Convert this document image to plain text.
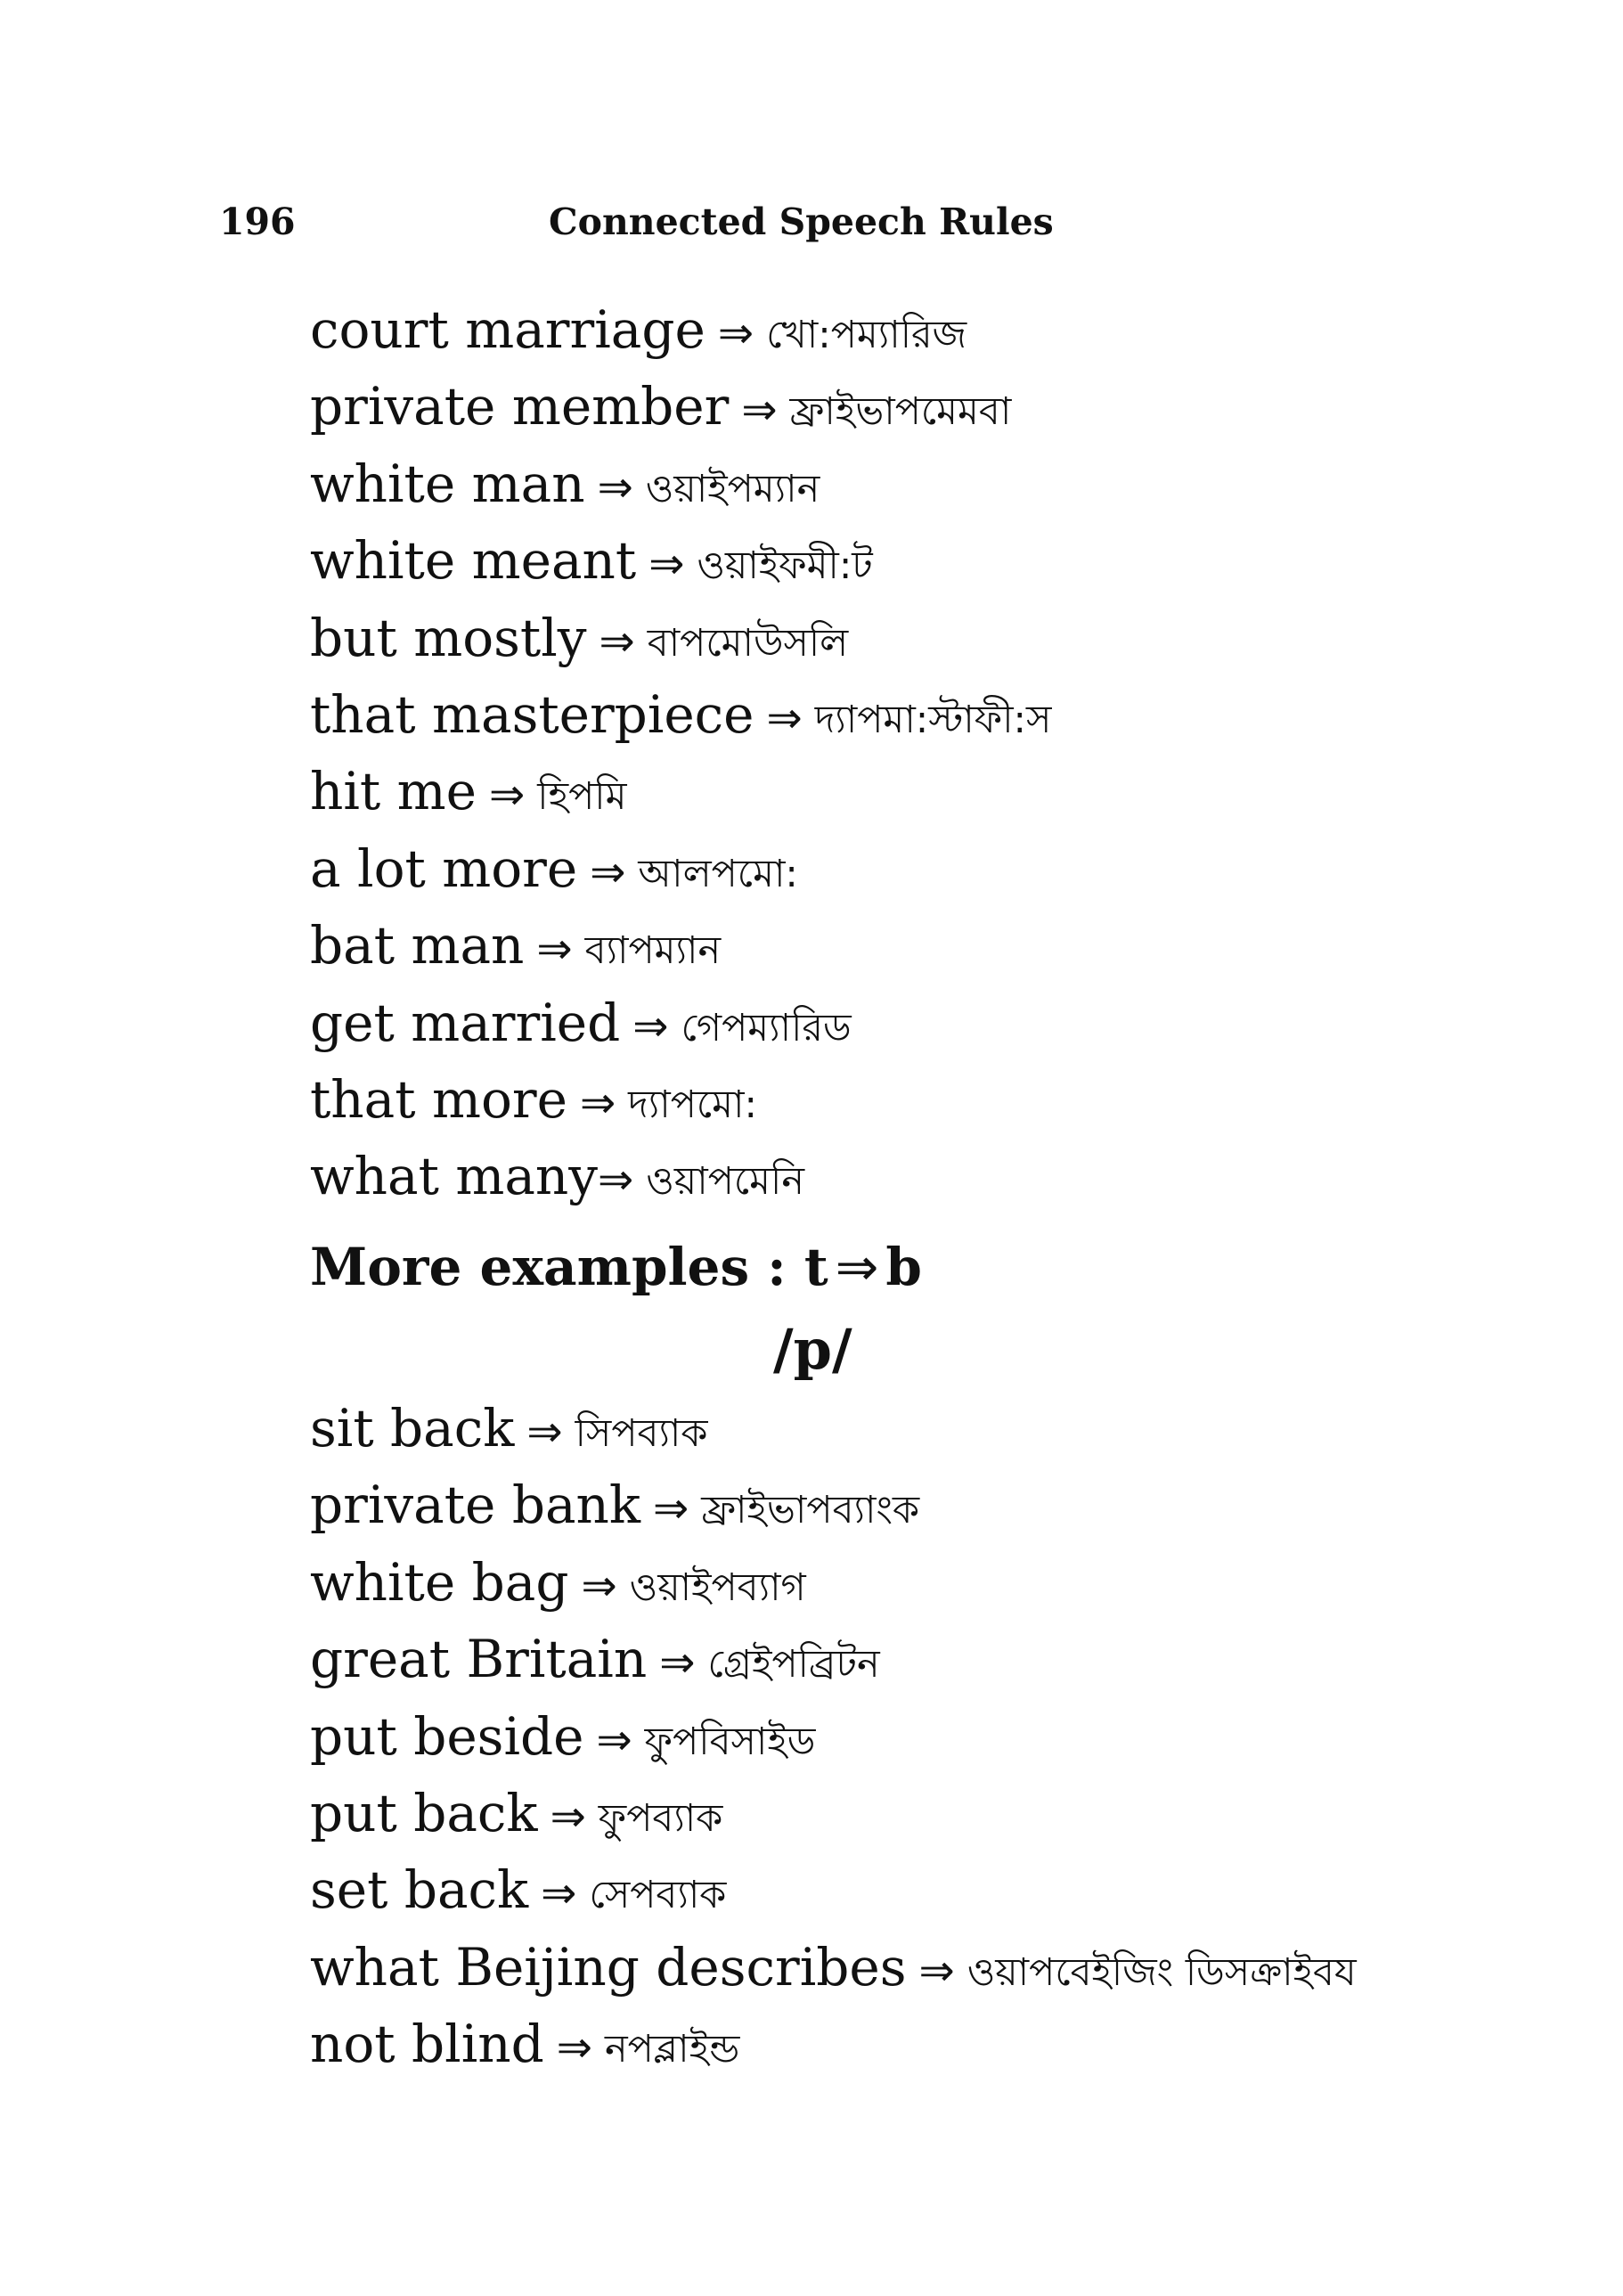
196	Connected Speech Rules
court marriage ⇒ খো:পম্যারিজ
private member ⇒ ফ্রাইভাপমেমবা
white man ⇒ ওয়াইপম্যান
white meant ⇒ ওয়াইফমী:ট
but mostly ⇒ বাপমোউসলি
that masterpiece ⇒ দ্যাপমা:স্টাফী:স
hit me ⇒ হিপমি
a lot more ⇒ আলপমো:
bat man ⇒ ব্যাপম্যান
get married ⇒ গেপম্যারিড
that more ⇒ দ্যাপমো:
what many⇒ ওয়াপমেনি
More examples : t ⇒ b
/p/
sit back ⇒ সিপব্যাক
private bank ⇒ ফ্রাইভাপব্যাংক
white bag ⇒ ওয়াইপব্যাগ
great Britain ⇒ গ্রেইপব্রিটন
put beside ⇒ ফুপবিসাইড
put back ⇒ ফুপব্যাক
set back ⇒ সেপব্যাক
what Beijing describes ⇒ ওয়াপবেইজিং ডিসক্রাইবয
not blind ⇒ নপব্লাইন্ড
